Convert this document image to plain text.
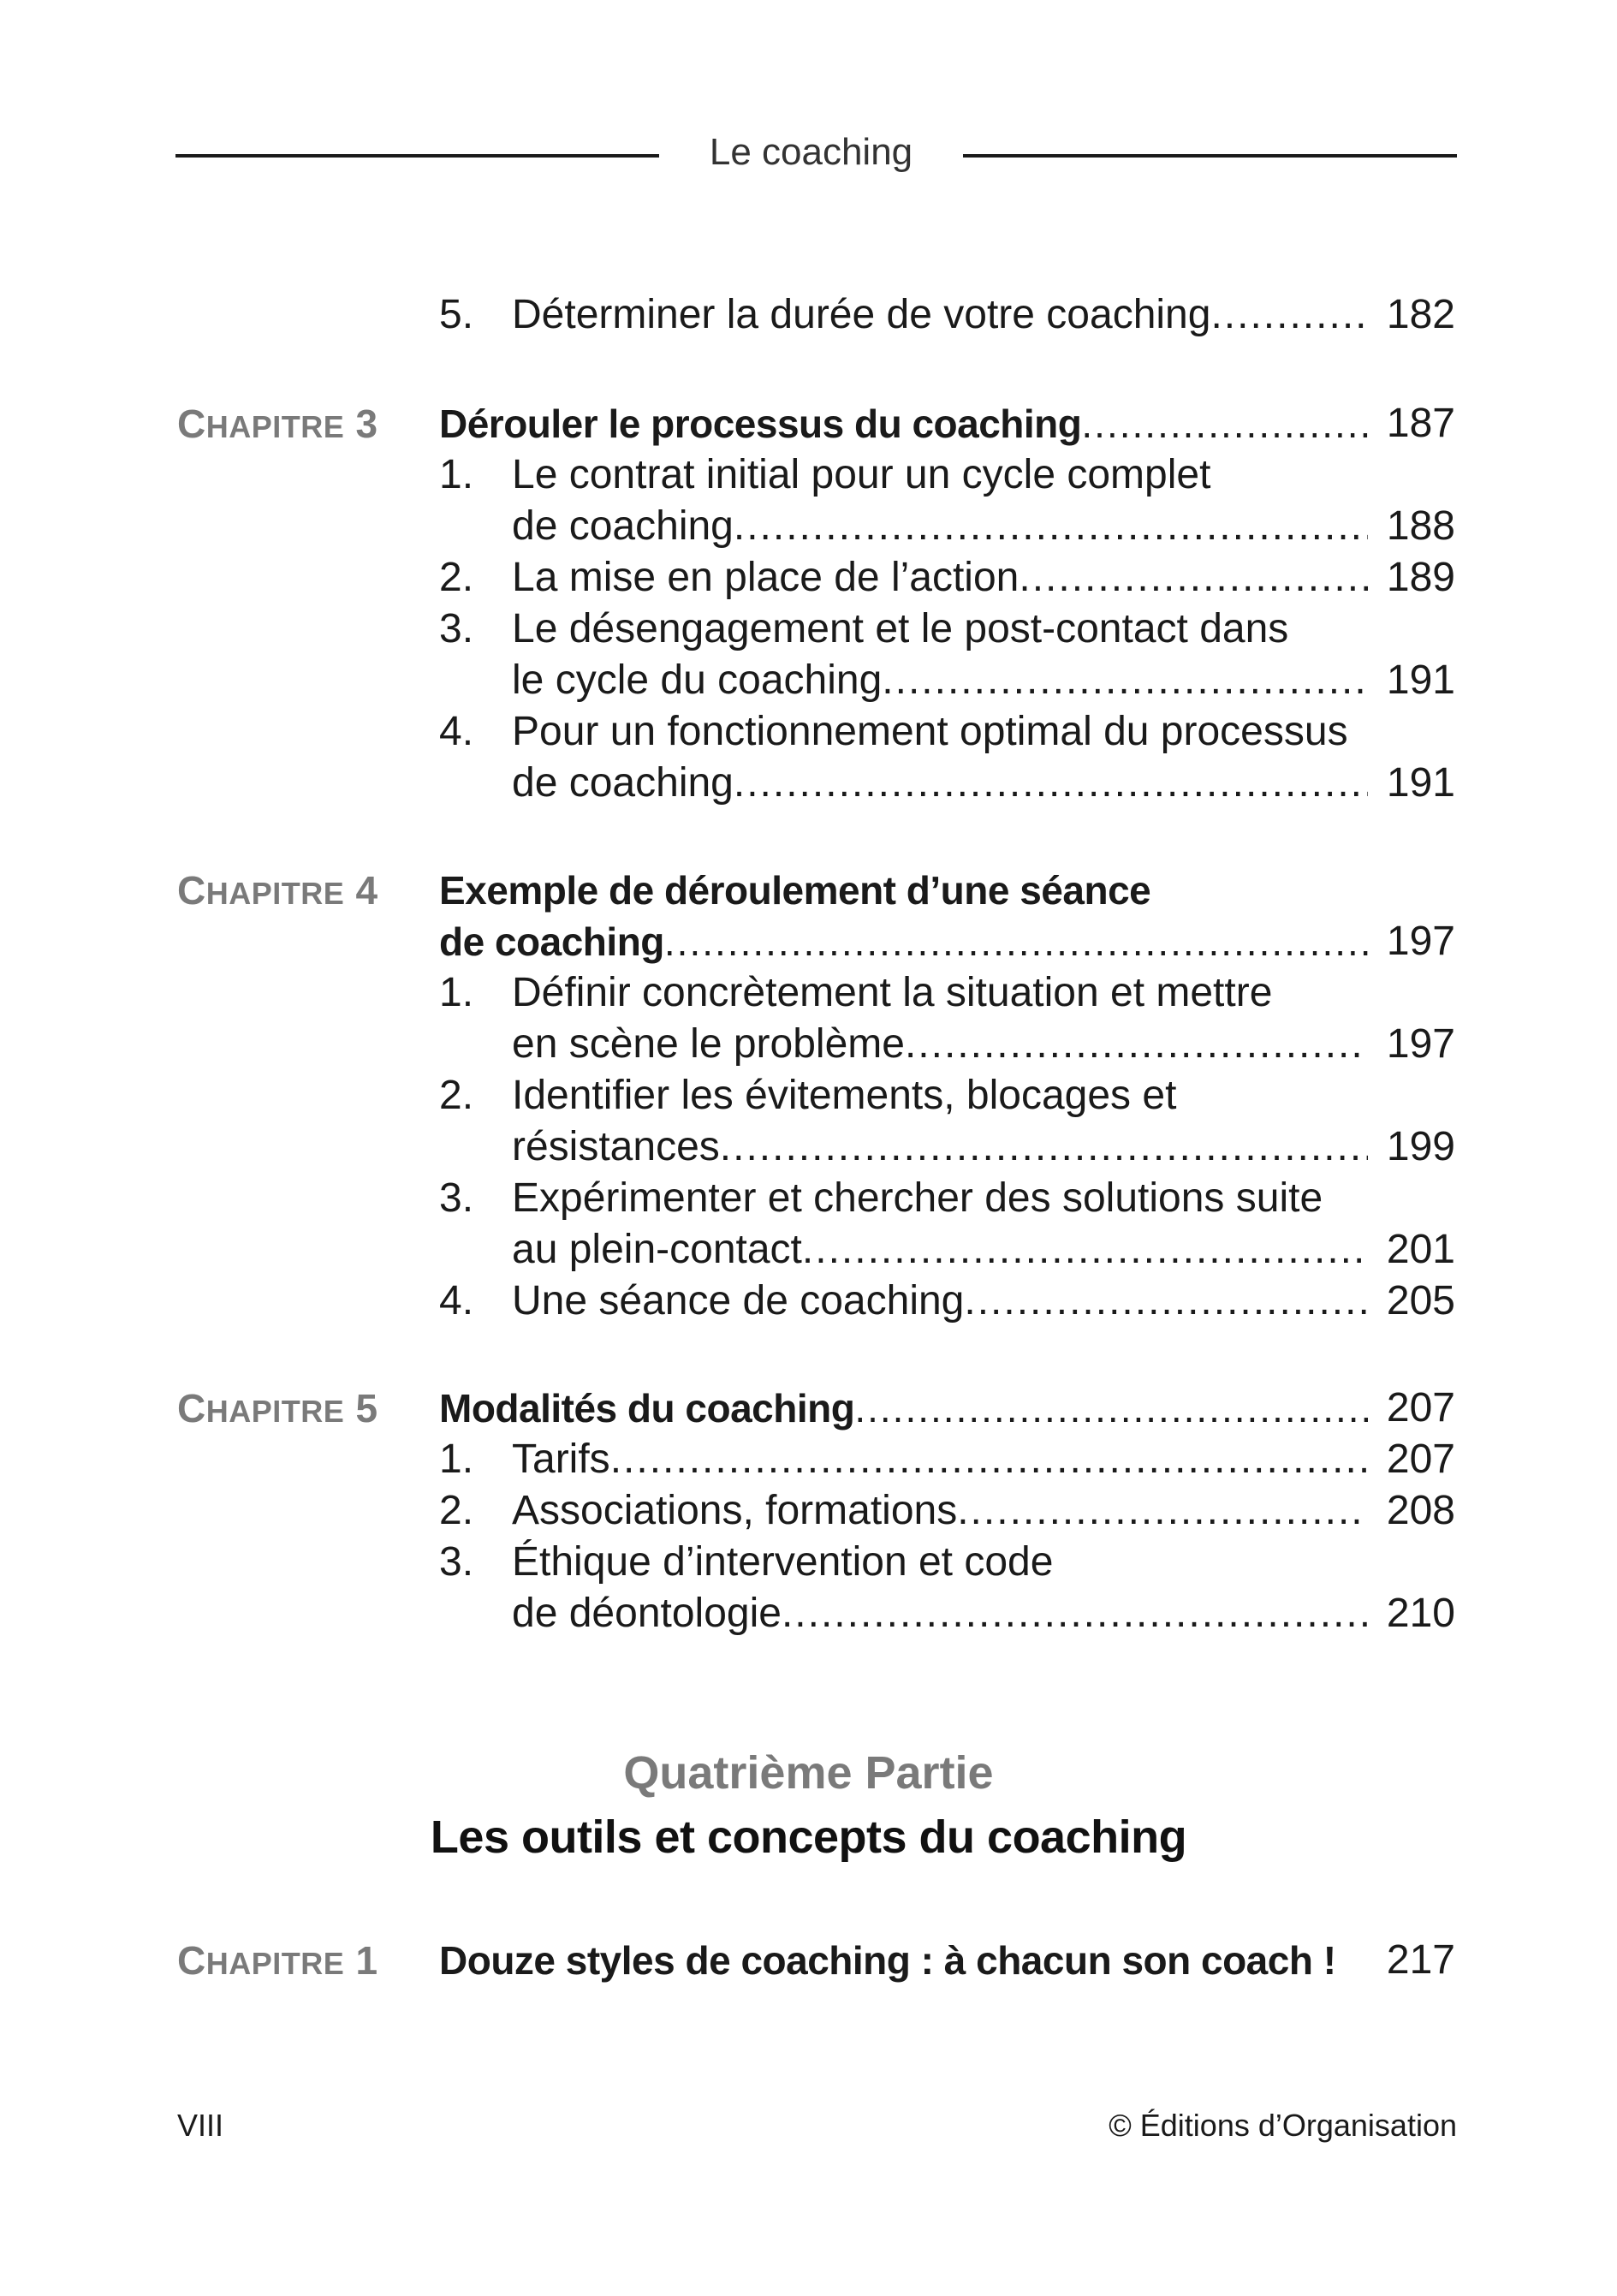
Le coaching
5. Déterminer la durée de votre coaching .....	182
CHAPITRE 3 Dérouler le processus du coaching .....	187
1. Le contrat initial pour un cycle complet
de coaching .....	188
2. La mise en place de l’action .....	189
3. Le désengagement et le post-contact dans
le cycle du coaching .....	191
4. Pour un fonctionnement optimal du processus
de coaching .....	191
CHAPITRE 4 Exemple de déroulement d’une séance
de coaching .....	197
1. Définir concrètement la situation et mettre
en scène le problème .....	197
2. Identifier les évitements, blocages et
résistances .....	199
3. Expérimenter et chercher des solutions suite
au plein-contact .....	201
4. Une séance de coaching .....	205
CHAPITRE 5 Modalités du coaching .....	207
1. Tarifs .....	207
2. Associations, formations .....	208
3. Éthique d’intervention et code
de déontologie .....	210
Quatrième Partie
Les outils et concepts du coaching
CHAPITRE 1 Douze styles de coaching : à chacun son coach !	217
VIII	© Éditions d’Organisation
